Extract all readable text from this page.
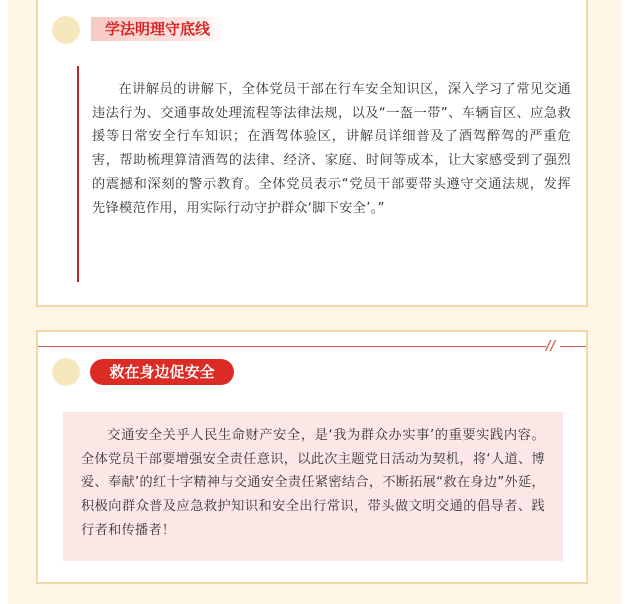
学法明理守底线

在讲解员的讲解下，全体党员干部在行车安全知识区，深入学习了常见交通违法行为、交通事故处理流程等法律法规，以及“一盔一带”、车辆盲区、应急救援等日常安全行车知识；在酒驾体验区，讲解员详细普及了酒驾醉驾的严重危害，帮助梳理算清酒驾的法律、经济、家庭、时间等成本，让大家感受到了强烈的震撼和深刻的警示教育。全体党员表示“党员干部要带头遵守交通法规，发挥先锋模范作用，用实际行动守护群众‘脚下安全’。”

//
救在身边促安全

交通安全关乎人民生命财产安全，是‘我为群众办实事’的重要实践内容。全体党员干部要增强安全责任意识，以此次主题党日活动为契机，将‘人道、博爱、奉献’的红十字精神与交通安全责任紧密结合，不断拓展“救在身边”外延，积极向群众普及应急救护知识和安全出行常识，带头做文明交通的倡导者、践行者和传播者！
